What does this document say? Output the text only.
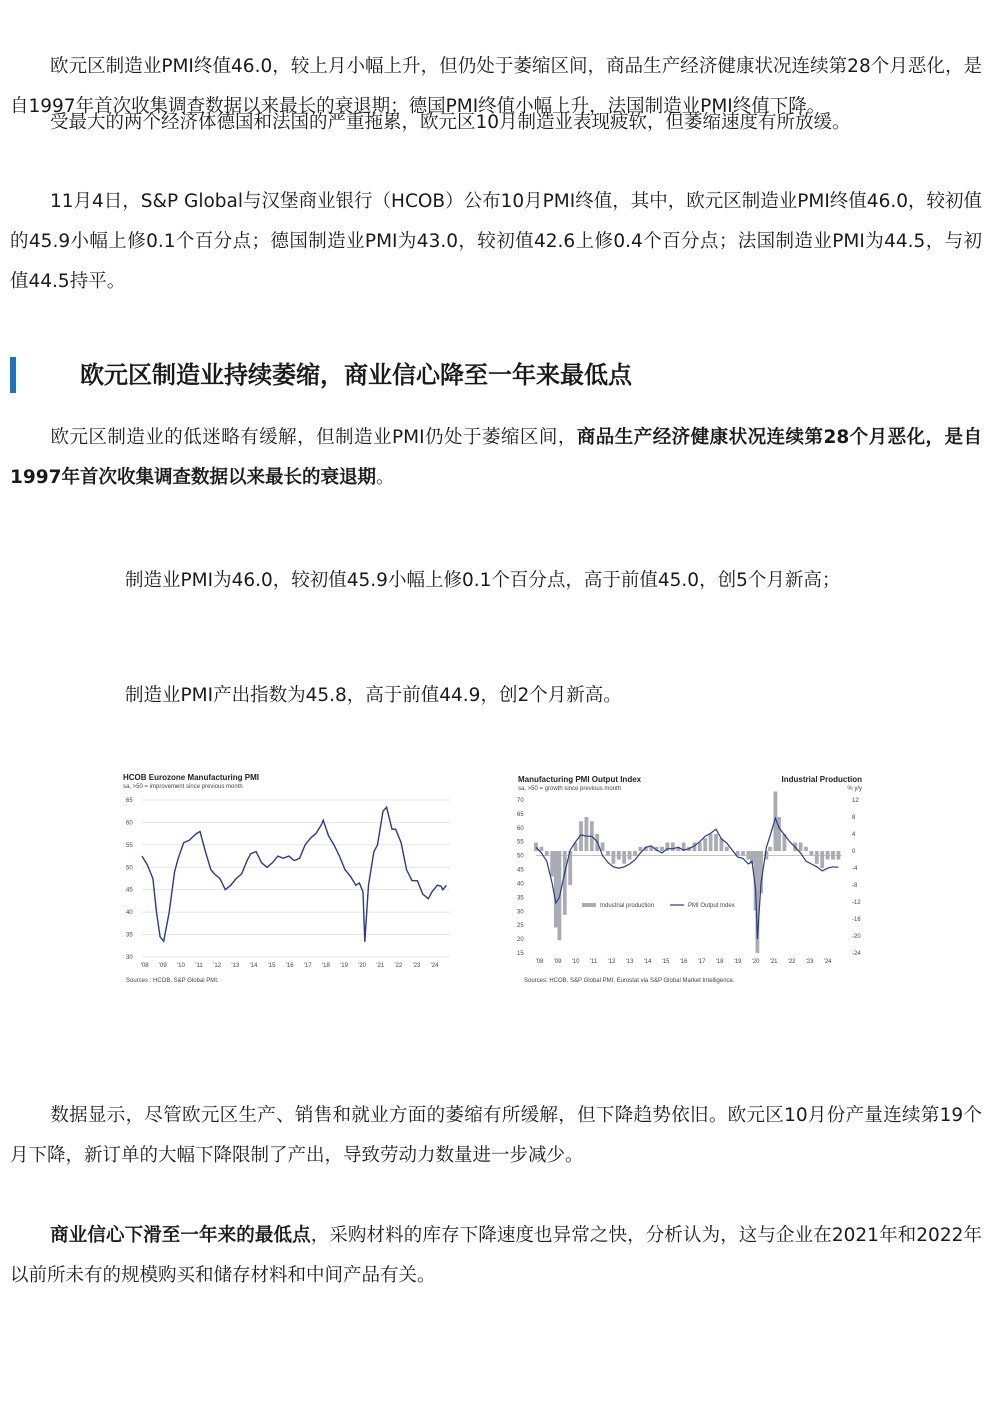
欧元区制造业PMI终值46.0，较上月小幅上升，但仍处于萎缩区间，商品生产经济健康状况连续第28个月恶化，是自1997年首次收集调查数据以来最长的衰退期；德国PMI终值小幅上升，法国制造业PMI终值下降。

受最大的两个经济体德国和法国的严重拖累，欧元区10月制造业表现疲软，但萎缩速度有所放缓。

11月4日，S&P Global与汉堡商业银行（HCOB）公布10月PMI终值，其中，欧元区制造业PMI终值46.0，较初值的45.9小幅上修0.1个百分点；德国制造业PMI为43.0，较初值42.6上修0.4个百分点；法国制造业PMI为44.5，与初值44.5持平。

欧元区制造业持续萎缩，商业信心降至一年来最低点

欧元区制造业的低迷略有缓解，但制造业PMI仍处于萎缩区间，商品生产经济健康状况连续第28个月恶化，是自1997年首次收集调查数据以来最长的衰退期。

制造业PMI为46.0，较初值45.9小幅上修0.1个百分点，高于前值45.0，创5个月新高；
制造业PMI产出指数为45.8，高于前值44.9，创2个月新高。
HCOB Eurozone Manufacturing PMI
sa, >50 = improvement since previous month
Sources : HCOB, S&P Global PMI.
65
60
55
50
45
40
35
30
'08 '09 '10 '11 '12 '13 '14 '15 '16 '17 '18 '19 '20 '21 '22 '23 '24
Manufacturing PMI Output Index
sa, >50 = growth since previous month
Industrial Production
% y/y
Sources: HCOB, S&P Global PMI, Eurostat via S&P Global Market Intelligence.
70
65
60
55
50
45
40
35
30
25
20
15
12
8
4
0
-4
-8
-12
-16
-20
-24
'08 '09 '10 '11 '12 '13 '14 '15 '16 '17 '18 '19 '20 '21 '22 '23 '24
Industrial production	PMI Output Index

数据显示，尽管欧元区生产、销售和就业方面的萎缩有所缓解，但下降趋势依旧。欧元区10月份产量连续第19个月下降，新订单的大幅下降限制了产出，导致劳动力数量进一步减少。

商业信心下滑至一年来的最低点，采购材料的库存下降速度也异常之快，分析认为，这与企业在2021年和2022年以前所未有的规模购买和储存材料和中间产品有关。
